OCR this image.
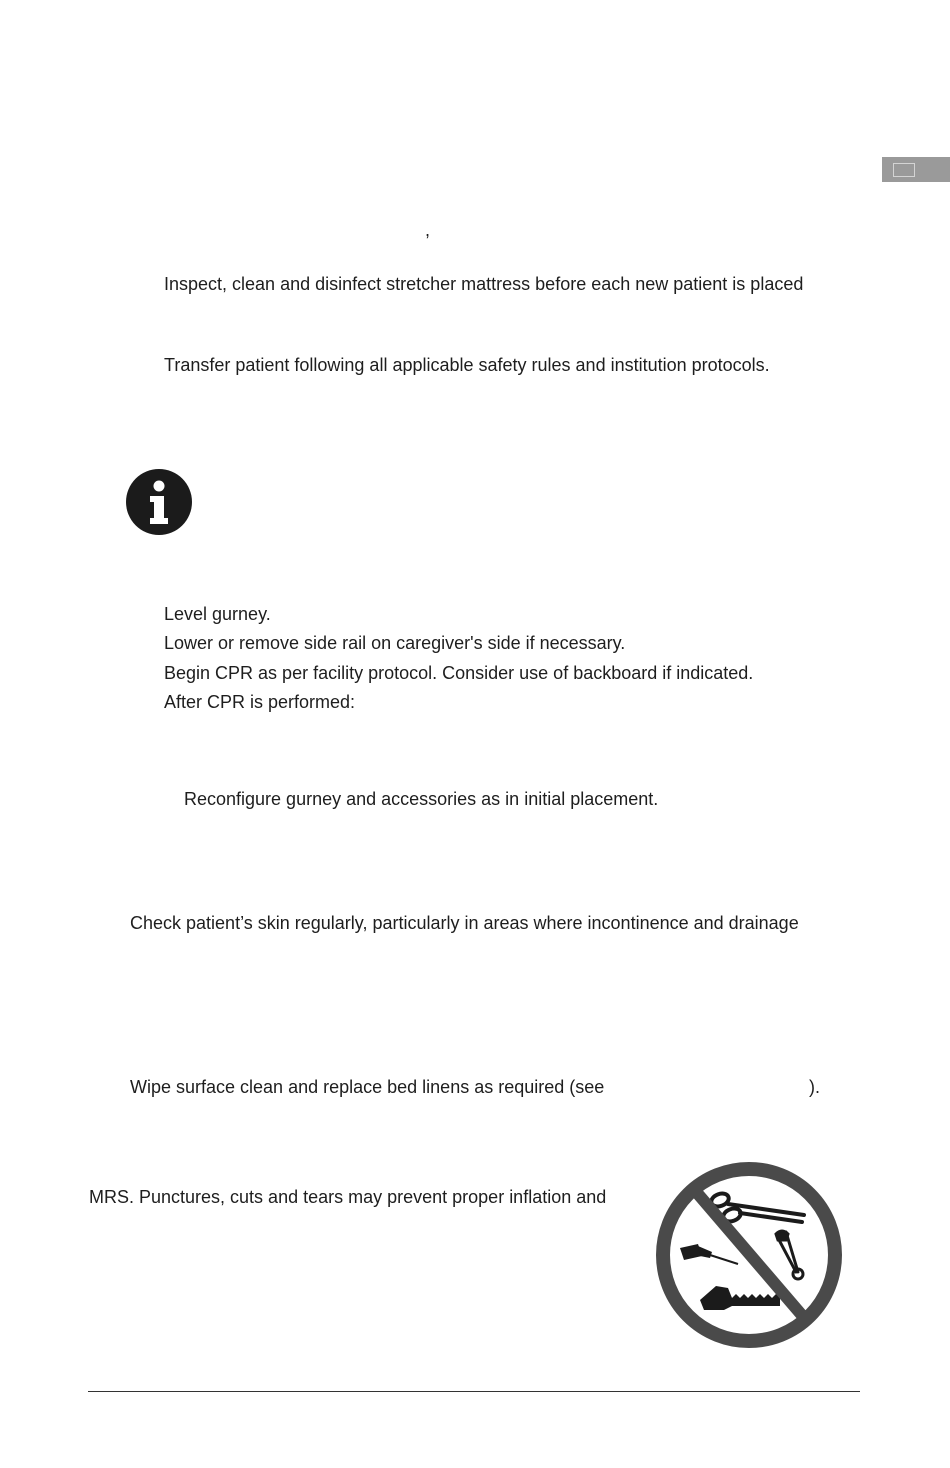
,
Inspect, clean and disinfect stretcher mattress before each new patient is placed
Transfer patient following all applicable safety rules and institution protocols.
Level gurney.
Lower or remove side rail on caregiver's side if necessary.
Begin CPR as per facility protocol. Consider use of backboard if indicated.
After CPR is performed:
Reconfigure gurney and accessories as in initial placement.
Check patient’s skin regularly, particularly in areas where incontinence and drainage
Wipe surface clean and replace bed linens as required (see	).
MRS. Punctures, cuts and tears may prevent proper inflation and
